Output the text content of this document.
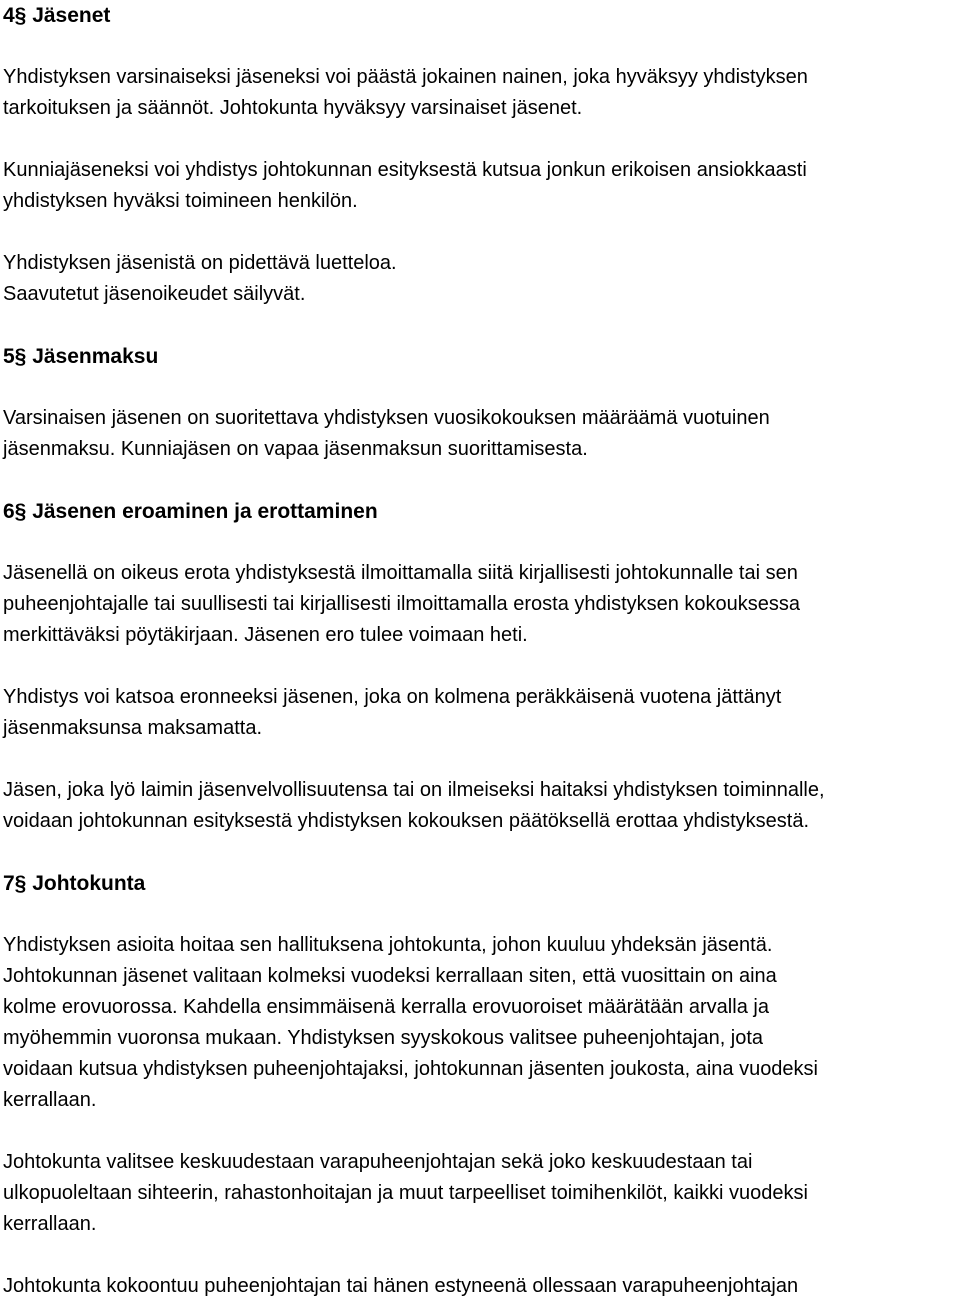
4§ Jäsenet

Yhdistyksen varsinaiseksi jäseneksi voi päästä jokainen nainen, joka hyväksyy yhdistyksen
tarkoituksen ja säännöt. Johtokunta hyväksyy varsinaiset jäsenet.

Kunniajäseneksi voi yhdistys johtokunnan esityksestä kutsua jonkun erikoisen ansiokkaasti
yhdistyksen hyväksi toimineen henkilön.

Yhdistyksen jäsenistä on pidettävä luetteloa.
Saavutetut jäsenoikeudet säilyvät.

5§ Jäsenmaksu

Varsinaisen jäsenen on suoritettava yhdistyksen vuosikokouksen määräämä vuotuinen
jäsenmaksu. Kunniajäsen on vapaa jäsenmaksun suorittamisesta.

6§ Jäsenen eroaminen ja erottaminen

Jäsenellä on oikeus erota yhdistyksestä ilmoittamalla siitä kirjallisesti johtokunnalle tai sen
puheenjohtajalle tai suullisesti tai kirjallisesti ilmoittamalla erosta yhdistyksen kokouksessa
merkittäväksi pöytäkirjaan. Jäsenen ero tulee voimaan heti.

Yhdistys voi katsoa eronneeksi jäsenen, joka on kolmena peräkkäisenä vuotena jättänyt
jäsenmaksunsa maksamatta.

Jäsen, joka lyö laimin jäsenvelvollisuutensa tai on ilmeiseksi haitaksi yhdistyksen toiminnalle,
voidaan johtokunnan esityksestä yhdistyksen kokouksen päätöksellä erottaa yhdistyksestä.

7§ Johtokunta

Yhdistyksen asioita hoitaa sen hallituksena johtokunta, johon kuuluu yhdeksän jäsentä.
Johtokunnan jäsenet valitaan kolmeksi vuodeksi kerrallaan siten, että vuosittain on aina
kolme erovuorossa. Kahdella ensimmäisenä kerralla erovuoroiset määrätään arvalla ja
myöhemmin vuoronsa mukaan. Yhdistyksen syyskokous valitsee puheenjohtajan, jota
voidaan kutsua yhdistyksen puheenjohtajaksi, johtokunnan jäsenten joukosta, aina vuodeksi
kerrallaan.

Johtokunta valitsee keskuudestaan varapuheenjohtajan sekä joko keskuudestaan tai
ulkopuoleltaan sihteerin, rahastonhoitajan ja muut tarpeelliset toimihenkilöt, kaikki vuodeksi
kerrallaan.

Johtokunta kokoontuu puheenjohtajan tai hänen estyneenä ollessaan varapuheenjohtajan
